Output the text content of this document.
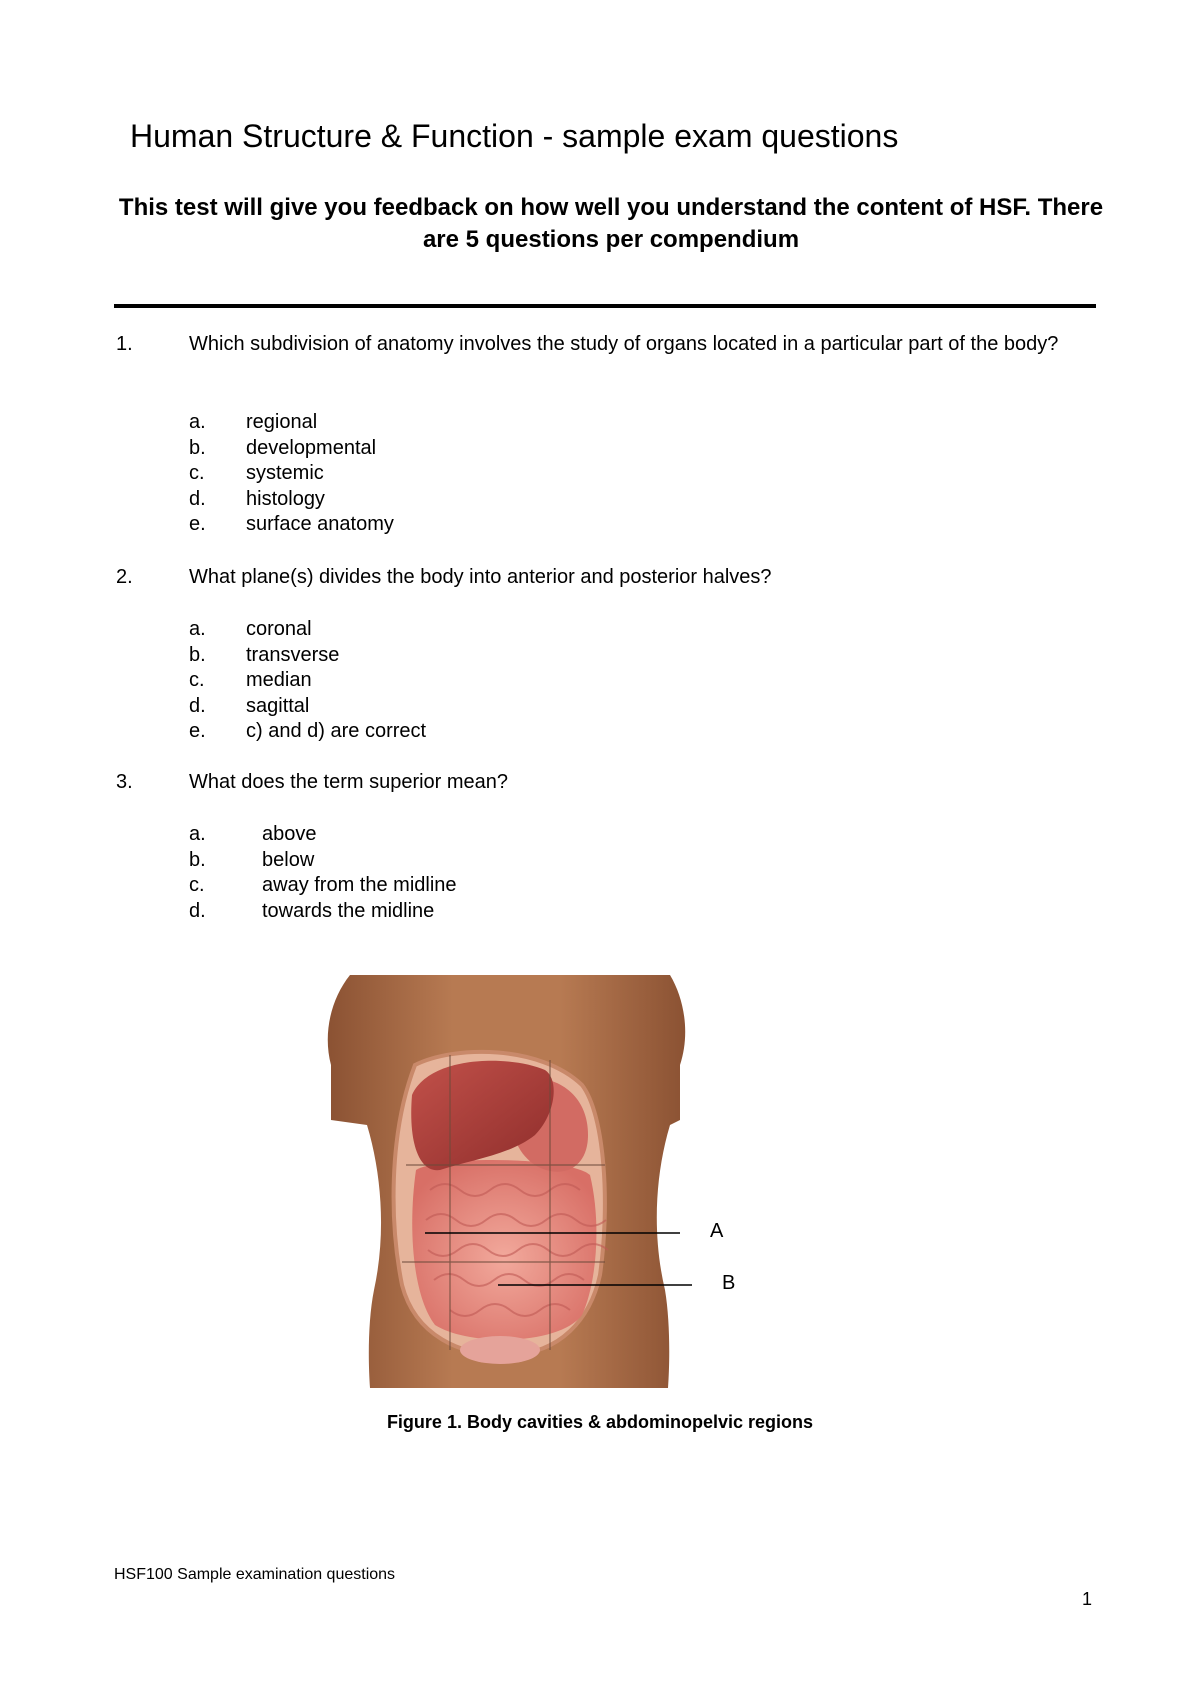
Human Structure & Function - sample exam questions
This test will give you feedback on how well you understand the content of HSF. There are 5 questions per compendium
1.	Which subdivision of anatomy involves the study of organs located in a particular part of the body?
a. regional
b. developmental
c. systemic
d. histology
e. surface anatomy
2.	What plane(s) divides the body into anterior and posterior halves?
a. coronal
b. transverse
c. median
d. sagittal
e. c) and d) are correct
3.	What does the term superior mean?
a.	above
b.	below
c.	away from the midline
d.	towards the midline
A
B
Figure 1. Body cavities & abdominopelvic regions
HSF100 Sample examination questions
1
